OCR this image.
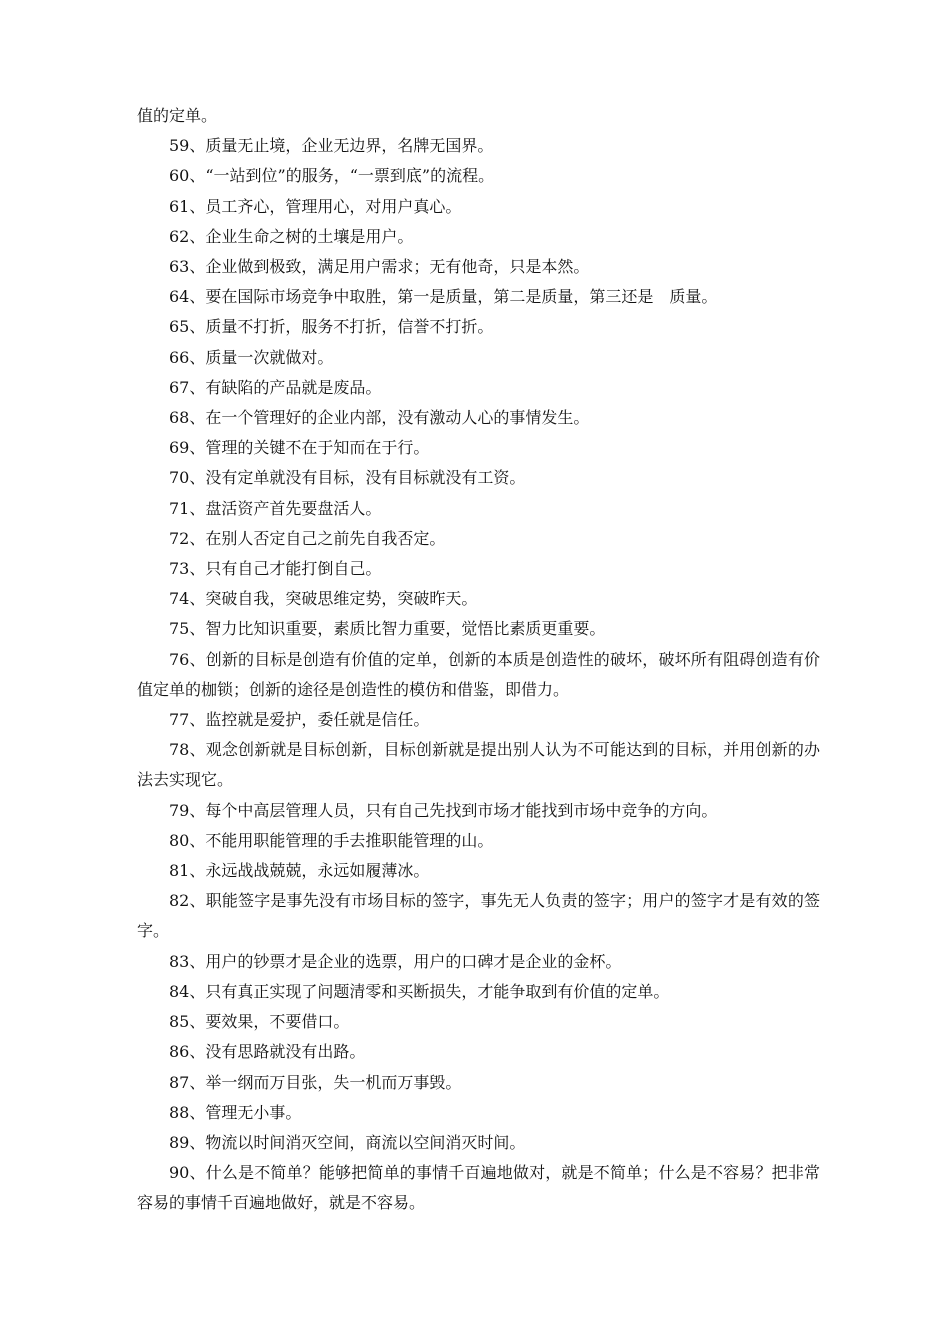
值的定单。

59、质量无止境，企业无边界，名牌无国界。

60、“一站到位”的服务，“一票到底”的流程。

61、员工齐心，管理用心，对用户真心。

62、企业生命之树的土壤是用户。

63、企业做到极致，满足用户需求；无有他奇，只是本然。

64、要在国际市场竞争中取胜，第一是质量，第二是质量，第三还是　质量。

65、质量不打折，服务不打折，信誉不打折。

66、质量一次就做对。

67、有缺陷的产品就是废品。

68、在一个管理好的企业内部，没有激动人心的事情发生。

69、管理的关键不在于知而在于行。

70、没有定单就没有目标，没有目标就没有工资。

71、盘活资产首先要盘活人。

72、在别人否定自己之前先自我否定。

73、只有自己才能打倒自己。

74、突破自我，突破思维定势，突破昨天。

75、智力比知识重要，素质比智力重要，觉悟比素质更重要。

76、创新的目标是创造有价值的定单，创新的本质是创造性的破坏，破坏所有阻碍创造有价值定单的枷锁；创新的途径是创造性的模仿和借鉴，即借力。

77、监控就是爱护，委任就是信任。

78、观念创新就是目标创新，目标创新就是提出别人认为不可能达到的目标，并用创新的办法去实现它。

79、每个中高层管理人员，只有自己先找到市场才能找到市场中竞争的方向。

80、不能用职能管理的手去推职能管理的山。

81、永远战战兢兢，永远如履薄冰。

82、职能签字是事先没有市场目标的签字，事先无人负责的签字；用户的签字才是有效的签字。

83、用户的钞票才是企业的选票，用户的口碑才是企业的金杯。

84、只有真正实现了问题清零和买断损失，才能争取到有价值的定单。

85、要效果，不要借口。

86、没有思路就没有出路。

87、举一纲而万目张，失一机而万事毁。

88、管理无小事。

89、物流以时间消灭空间，商流以空间消灭时间。

90、什么是不简单？能够把简单的事情千百遍地做对，就是不简单；什么是不容易？把非常容易的事情千百遍地做好，就是不容易。
